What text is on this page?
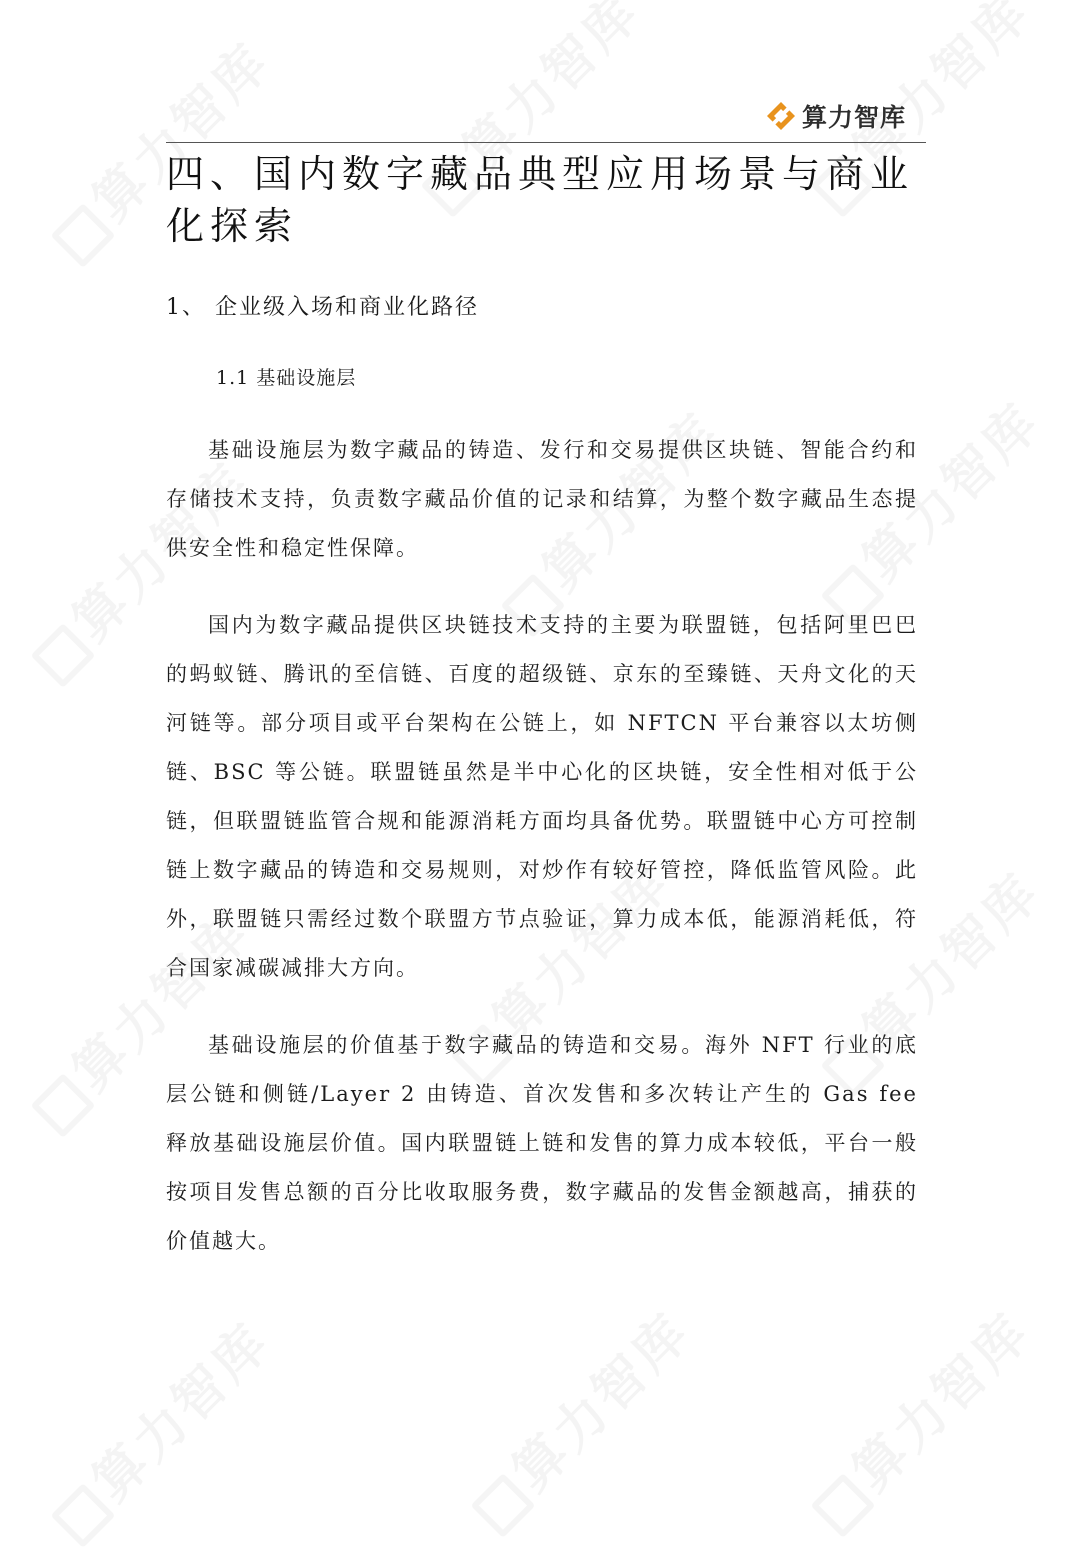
算力智库
四、国内数字藏品典型应用场景与商业化探索
1、 企业级入场和商业化路径
1.1 基础设施层

基础设施层为数字藏品的铸造、发行和交易提供区块链、智能合约和存储技术支持，负责数字藏品价值的记录和结算，为整个数字藏品生态提供安全性和稳定性保障。

国内为数字藏品提供区块链技术支持的主要为联盟链，包括阿里巴巴的蚂蚁链、腾讯的至信链、百度的超级链、京东的至臻链、天舟文化的天河链等。部分项目或平台架构在公链上，如 NFTCN 平台兼容以太坊侧链、BSC 等公链。联盟链虽然是半中心化的区块链，安全性相对低于公链，但联盟链监管合规和能源消耗方面均具备优势。联盟链中心方可控制链上数字藏品的铸造和交易规则，对炒作有较好管控，降低监管风险。此外，联盟链只需经过数个联盟方节点验证，算力成本低，能源消耗低，符合国家减碳减排大方向。

基础设施层的价值基于数字藏品的铸造和交易。海外 NFT 行业的底层公链和侧链/Layer 2 由铸造、首次发售和多次转让产生的 Gas fee 释放基础设施层价值。国内联盟链上链和发售的算力成本较低，平台一般按项目发售总额的百分比收取服务费，数字藏品的发售金额越高，捕获的价值越大。
